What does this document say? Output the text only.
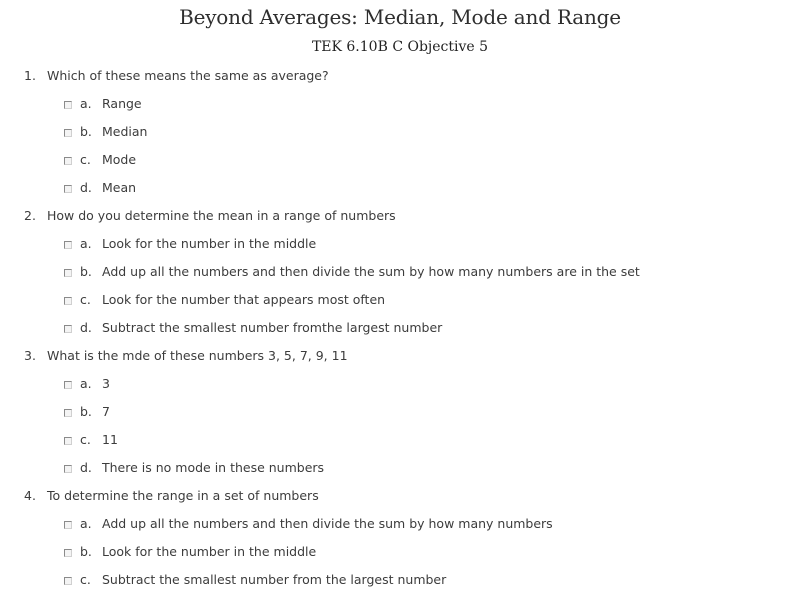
Beyond Averages: Median, Mode and Range
TEK 6.10B C Objective 5
1. Which of these means the same as average?
a. Range
b. Median
c. Mode
d. Mean
2. How do you determine the mean in a range of numbers
a. Look for the number in the middle
b. Add up all the numbers and then divide the sum by how many numbers are in the set
c. Look for the number that appears most often
d. Subtract the smallest number fromthe largest number
3. What is the mde of these numbers 3, 5, 7, 9, 11
a. 3
b. 7
c. 11
d. There is no mode in these numbers
4. To determine the range in a set of numbers
a. Add up all the numbers and then divide the sum by how many numbers
b. Look for the number in the middle
c. Subtract the smallest number from the largest number
